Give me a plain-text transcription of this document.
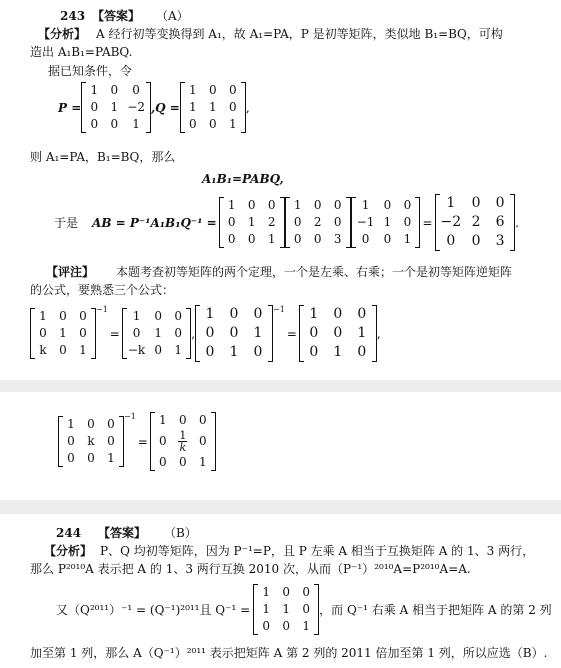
243 【答案】 （A）
【分析】 A 经行初等变换得到 A₁，故 A₁=PA，P 是初等矩阵，类似地 B₁=BQ，可构
造出 A₁B₁=PABQ.
据已知条件，令
P =
1	0	0
0	1	−2
0	0	1
,Q =
1	0	0
1	1	0
0	0	1
,
则 A₁=PA，B₁=BQ，那么
A₁B₁=PABQ,
于是 AB = P⁻¹A₁B₁Q⁻¹ =
1	0	0
0	1	2
0	0	1
1	0	0
0	2	0
0	0	3
1	0	0
−1	1	0
0	0	1
=
1	0	0
−2	2	6
0	0	3
.
【评注】 本题考查初等矩阵的两个定理，一个是左乘、右乘；一个是初等矩阵逆矩阵
的公式，要熟悉三个公式：
1	0	0
0	1	0
k	0	1
$^{-1}$
=
1	0	0
0	1	0
−k	0	1
,
1	0	0
0	0	1
0	1	0
$^{-1}$
=
1	0	0
0	0	1
0	1	0
,
1	0	0
0	k	0
0	0	1
$^{-1}$
=
1	0	0
0	$\frac{1}{k}$	0
0	0	1
244 【答案】 （B）
【分析】 P、Q 均初等矩阵，因为 P⁻¹=P，且 P 左乘 A 相当于互换矩阵 A 的 1、3 两行，
那么 P²⁰¹⁰A 表示把 A 的 1、3 两行互换 2010 次，从而（P⁻¹）²⁰¹⁰A=P²⁰¹⁰A=A.
又（Q²⁰¹¹）⁻¹ = (Q⁻¹)²⁰¹¹且 Q⁻¹ =
1	0	0
1	1	0
0	0	1
，而 Q⁻¹ 右乘 A 相当于把矩阵 A 的第 2 列
加至第 1 列，那么 A（Q⁻¹）²⁰¹¹ 表示把矩阵 A 第 2 列的 2011 倍加至第 1 列，所以应选（B）.
